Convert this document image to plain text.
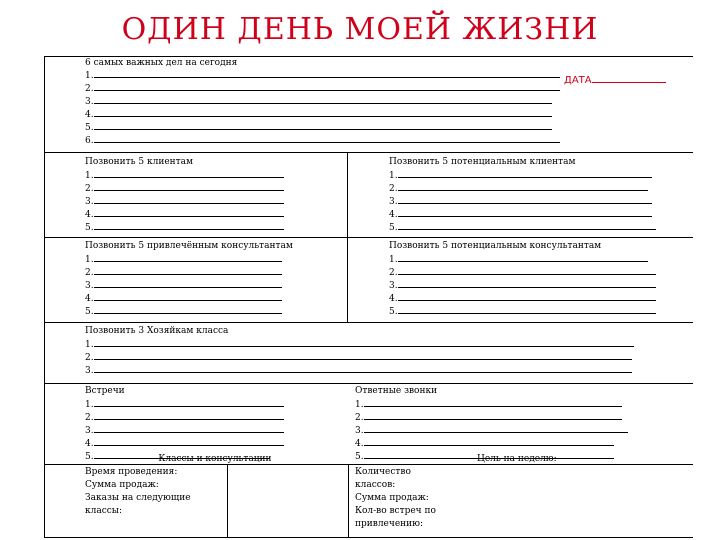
ОДИН ДЕНЬ МОЕЙ ЖИЗНИ
ДАТА
6 самых важных дел на сегодня
1.
2.
3.
4.
5.
6.
Позвонить 5 клиентам
1.
2.
3.
4.
5.
Позвонить 5 потенциальным клиентам
1.
2.
3.
4.
5.
Позвонить 5 привлечённым консультантам
1.
2.
3.
4.
5.
Позвонить 5 потенциальным консультантам
1.
2.
3.
4.
5.
Позвонить 3 Хозяйкам класса
1.
2.
3.
Встречи
1.
2.
3.
4.
5.
Ответные звонки
1.
2.
3.
4.
5.
Классы и консультации
Время проведения:
Сумма продаж:
Заказы на следующие
классы:
Цель на неделю:
Количество
классов:
Сумма продаж:
Кол-во встреч по
привлечению:
